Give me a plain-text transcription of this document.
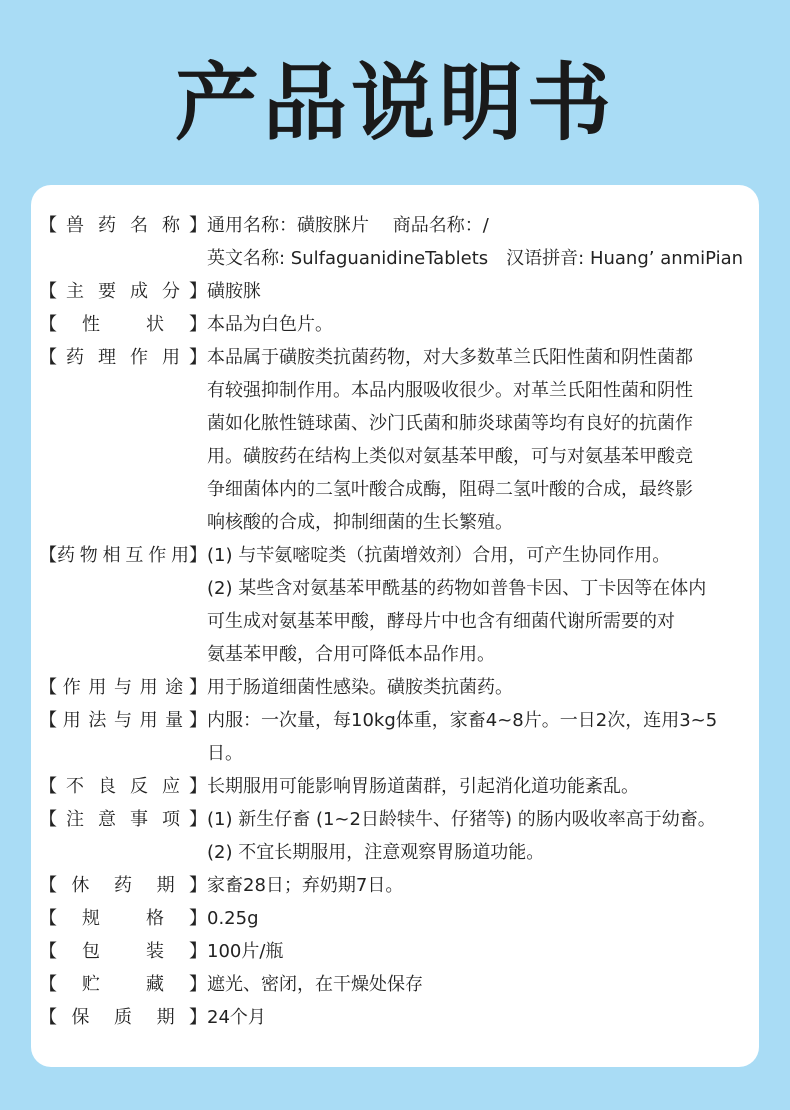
产品说明书
【 兽 药 名 称 】 通用名称：磺胺脒片　 商品名称：/
英文名称: SulfaguanidineTablets　汉语拼音: Huang’ anmiPian
【 主 要 成 分 】 磺胺脒
【 性	状 】 本品为白色片。
【 药 理 作 用 】 本品属于磺胺类抗菌药物，对大多数革兰氏阳性菌和阴性菌都
有较强抑制作用。本品内服吸收很少。对革兰氏阳性菌和阴性
菌如化脓性链球菌、沙门氏菌和肺炎球菌等均有良好的抗菌作
用。磺胺药在结构上类似对氨基苯甲酸，可与对氨基苯甲酸竞
争细菌体内的二氢叶酸合成酶，阻碍二氢叶酸的合成，最终影
响核酸的合成，抑制细菌的生长繁殖。
【 药 物 相 互 作 用 】 (1) 与苄氨嘧啶类（抗菌增效剂）合用，可产生协同作用。
(2) 某些含对氨基苯甲酰基的药物如普鲁卡因、丁卡因等在体内
可生成对氨基苯甲酸，酵母片中也含有细菌代谢所需要的对
氨基苯甲酸，合用可降低本品作用。
【 作 用 与 用 途 】 用于肠道细菌性感染。磺胺类抗菌药。
【 用 法 与 用 量 】 内服：一次量，每10kg体重，家畜4~8片。一日2次，连用3~5
日。
【 不 良 反 应 】 长期服用可能影响胃肠道菌群，引起消化道功能紊乱。
【 注 意 事 项 】 (1) 新生仔畜 (1~2日龄犊牛、仔猪等) 的肠内吸收率高于幼畜。
(2) 不宜长期服用，注意观察胃肠道功能。
【 休 药 期 】 家畜28日；弃奶期7日。
【 规	格 】 0.25g
【 包	装 】 100片/瓶
【 贮	藏 】 遮光、密闭，在干燥处保存
【 保 质 期 】 24个月
